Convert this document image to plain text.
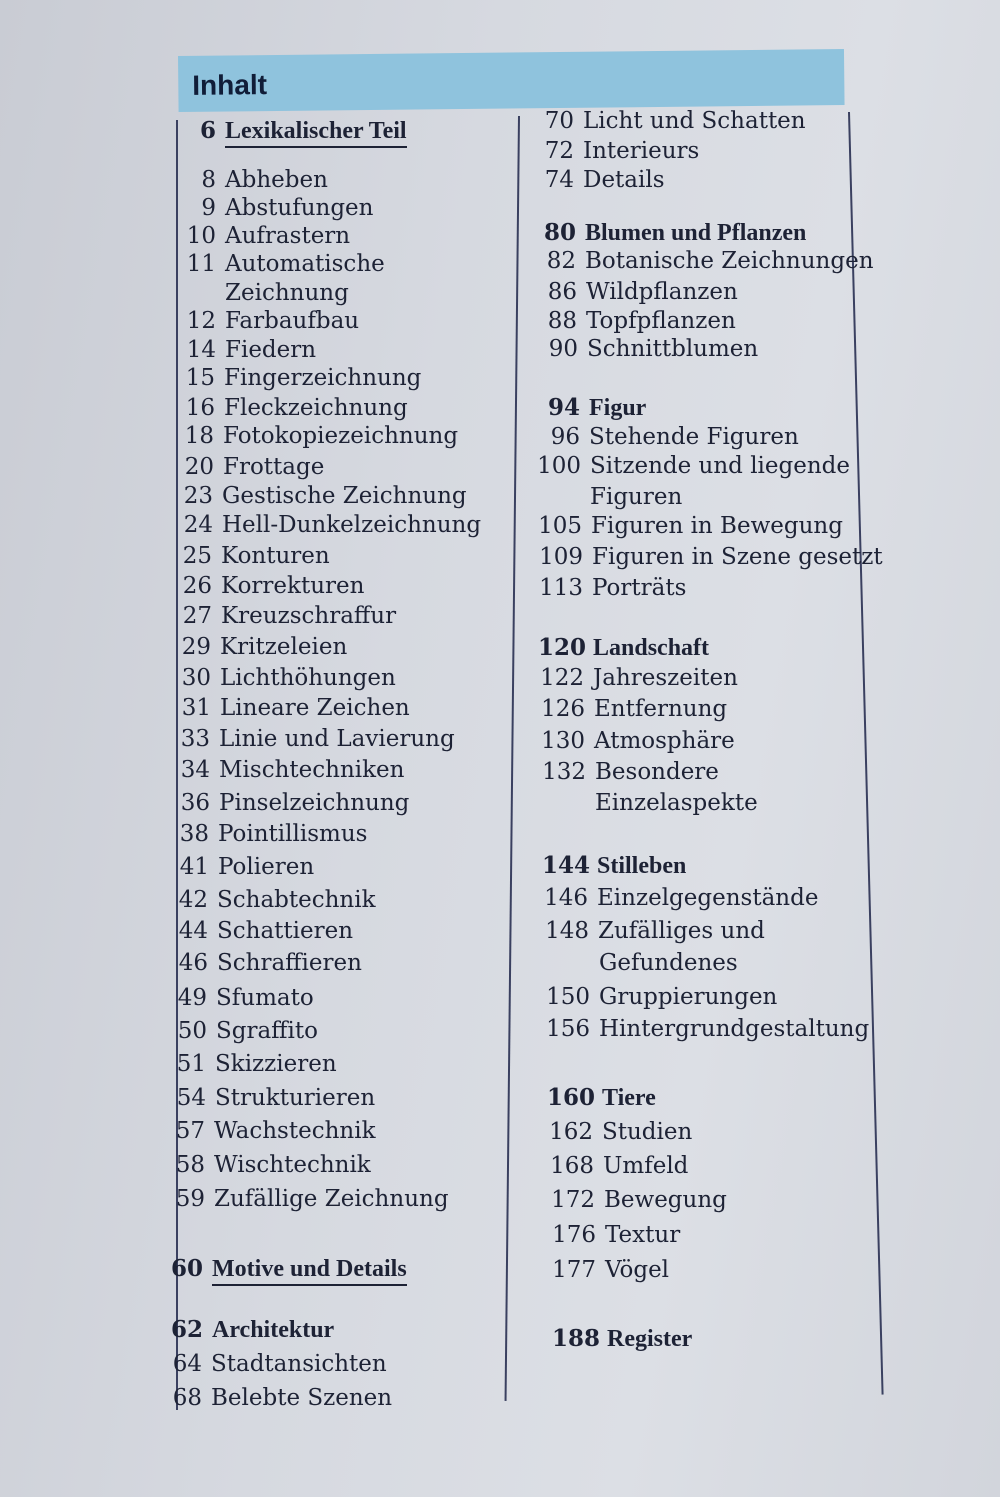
Inhalt
6 Lexikalischer Teil
8 Abheben
9 Abstufungen
10 Aufrastern
11 Automatische
Zeichnung
12 Farbaufbau
14 Fiedern
15 Fingerzeichnung
16 Fleckzeichnung
18 Fotokopiezeichnung
20 Frottage
23 Gestische Zeichnung
24 Hell-Dunkelzeichnung
25 Konturen
26 Korrekturen
27 Kreuzschraffur
29 Kritzeleien
30 Lichthöhungen
31 Lineare Zeichen
33 Linie und Lavierung
34 Mischtechniken
36 Pinselzeichnung
38 Pointillismus
41 Polieren
42 Schabtechnik
44 Schattieren
46 Schraffieren
49 Sfumato
50 Sgraffito
51 Skizzieren
54 Strukturieren
57 Wachstechnik
58 Wischtechnik
59 Zufällige Zeichnung
60 Motive und Details
62 Architektur
64 Stadtansichten
68 Belebte Szenen
70 Licht und Schatten
72 Interieurs
74 Details
80 Blumen und Pflanzen
82 Botanische Zeichnungen
86 Wildpflanzen
88 Topfpflanzen
90 Schnittblumen
94 Figur
96 Stehende Figuren
100 Sitzende und liegende
Figuren
105 Figuren in Bewegung
109 Figuren in Szene gesetzt
113 Porträts
120 Landschaft
122 Jahreszeiten
126 Entfernung
130 Atmosphäre
132 Besondere
Einzelaspekte
144 Stilleben
146 Einzelgegenstände
148 Zufälliges und
Gefundenes
150 Gruppierungen
156 Hintergrundgestaltung
160 Tiere
162 Studien
168 Umfeld
172 Bewegung
176 Textur
177 Vögel
188 Register
